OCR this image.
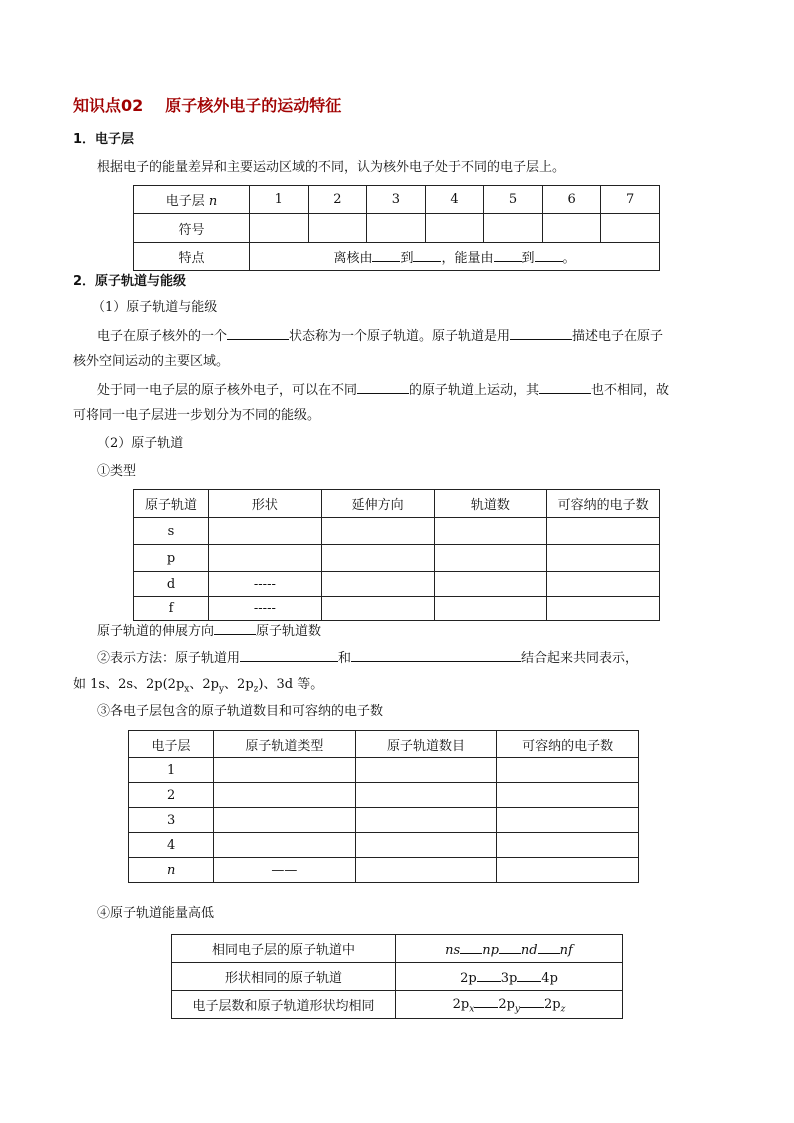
知识点02 原子核外电子的运动特征
1．电子层
根据电子的能量差异和主要运动区域的不同，认为核外电子处于不同的电子层上。
电子层 n	1	2	3	4	5	6	7
符号							
特点	离核由 到 ，能量由 到 。						
2．原子轨道与能级
（1）原子轨道与能级
电子在原子核外的一个	状态称为一个原子轨道。原子轨道是用	描述电子在原子
核外空间运动的主要区域。
处于同一电子层的原子核外电子，可以在不同	的原子轨道上运动，其	也不相同，故
可将同一电子层进一步划分为不同的能级。
（2）原子轨道
①类型
原子轨道	形状	延伸方向	轨道数	可容纳的电子数
s				
p				
d	-----			
f	-----			
原子轨道的伸展方向	原子轨道数
②表示方法：原子轨道用	和	结合起来共同表示，
如 1s、2s、$2p(2p_x$、$2p_y$、$2p_z$)、3d 等。
③各电子层包含的原子轨道数目和可容纳的电子数
电子层	原子轨道类型	原子轨道数目	可容纳的电子数
1			
2			
3			
4			
n	——		
④原子轨道能量高低
相同电子层的原子轨道中	ns np nd nf
形状相同的原子轨道	2p 3p 4p
电子层数和原子轨道形状均相同	$2p_x$ $2p_y$ $2p_z$
